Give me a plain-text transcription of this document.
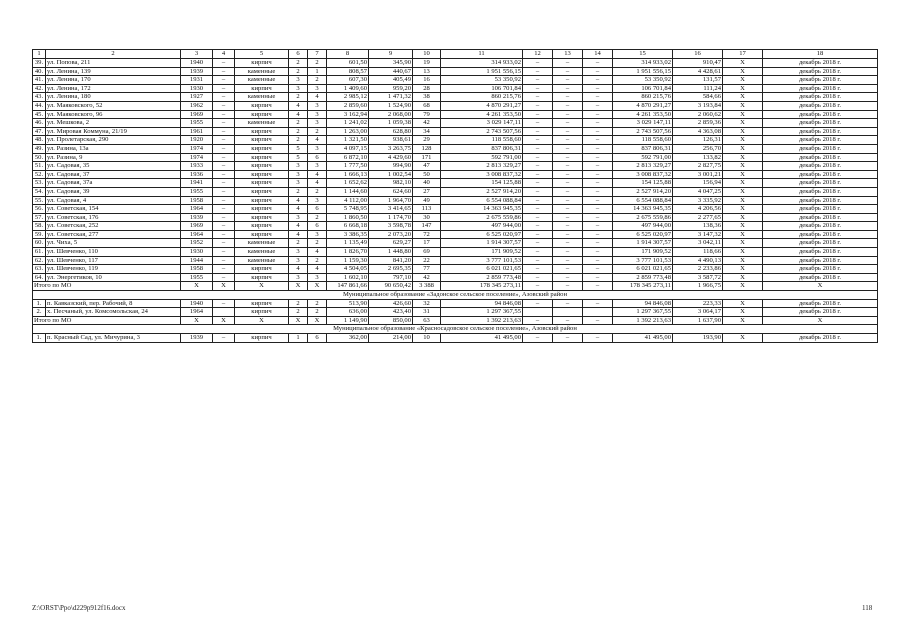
1	2	3	4	5	6	7	8	9	10	11	12	13	14	15	16	17	18
39.	ул. Попова, 211	1940	–	кирпич	2	2	601,50	345,90	19	314 933,02	–	–	–	314 933,02	910,47	Х	декабрь 2018 г.
40.	ул. Ленина, 139	1939	–	каменные	2	1	808,57	440,67	13	1 951 556,15	–	–	–	1 951 556,15	4 428,61	Х	декабрь 2018 г.
41.	ул. Ленина, 170	1931	–	каменные	3	2	607,30	405,49	16	53 350,92	–	–	–	53 350,92	131,57	Х	декабрь 2018 г.
42.	ул. Ленина, 172	1930	–	кирпич	3	3	1 409,60	959,20	28	106 701,84	–	–	–	106 701,84	111,24	Х	декабрь 2018 г.
43.	ул. Ленина, 180	1927	–	каменные	2	4	2 985,12	1 471,32	38	860 215,76	–	–	–	860 215,76	584,66	Х	декабрь 2018 г.
44.	ул. Маяковского, 52	1962	–	кирпич	4	3	2 859,60	1 524,90	68	4 870 291,27	–	–	–	4 870 291,27	3 193,84	Х	декабрь 2018 г.
45.	ул. Маяковского, 96	1969	–	кирпич	4	3	3 162,94	2 068,00	79	4 261 353,50	–	–	–	4 261 353,50	2 060,62	Х	декабрь 2018 г.
46.	ул. Мешкова, 2	1955	–	каменные	2	3	1 241,02	1 059,38	42	3 029 147,11	–	–	–	3 029 147,11	2 859,36	Х	декабрь 2018 г.
47.	ул. Мировая Коммуна, 21/19	1961	–	кирпич	2	2	1 263,00	628,80	34	2 743 507,56	–	–	–	2 743 507,56	4 363,08	Х	декабрь 2018 г.
48.	ул. Пролетарская, 290	1920	–	кирпич	2	4	1 321,50	938,61	29	118 558,60	–	–	–	118 558,60	126,31	Х	декабрь 2018 г.
49.	ул. Разина, 13а	1974	–	кирпич	5	3	4 097,15	3 263,75	128	837 806,31	–	–	–	837 806,31	256,70	Х	декабрь 2018 г.
50.	ул. Разина, 9	1974	–	кирпич	5	6	6 872,10	4 429,60	171	592 791,00	–	–	–	592 791,00	133,82	Х	декабрь 2018 г.
51.	ул. Садовая, 35	1933	–	кирпич	3	3	1 777,50	994,90	47	2 813 329,27	–	–	–	2 813 329,27	2 827,75	Х	декабрь 2018 г.
52.	ул. Садовая, 37	1936	–	кирпич	3	4	1 666,13	1 002,54	50	3 008 837,32	–	–	–	3 008 837,32	3 001,21	Х	декабрь 2018 г.
53.	ул. Садовая, 37а	1941	–	кирпич	3	4	1 652,62	982,10	40	154 125,88	–	–	–	154 125,88	156,94	Х	декабрь 2018 г.
54.	ул. Садовая, 39	1955	–	кирпич	2	2	1 144,60	624,60	27	2 527 914,20	–	–	–	2 527 914,20	4 047,25	Х	декабрь 2018 г.
55.	ул. Садовая, 4	1958	–	кирпич	4	3	4 112,00	1 964,70	49	6 554 088,84	–	–	–	6 554 088,84	3 335,92	Х	декабрь 2018 г.
56.	ул. Советская, 154	1964	–	кирпич	4	6	5 748,95	3 414,65	113	14 363 945,35	–	–	–	14 363 945,35	4 206,56	Х	декабрь 2018 г.
57.	ул. Советская, 176	1939	–	кирпич	3	2	1 860,50	1 174,70	30	2 675 559,86	–	–	–	2 675 559,86	2 277,65	Х	декабрь 2018 г.
58.	ул. Советская, 252	1969	–	кирпич	4	6	6 668,18	3 598,78	147	497 944,00	–	–	–	497 944,00	138,36	Х	декабрь 2018 г.
59.	ул. Советская, 277	1964	–	кирпич	4	3	3 386,35	2 073,20	72	6 525 020,97	–	–	–	6 525 020,97	3 147,32	Х	декабрь 2018 г.
60.	ул. Чиха, 5	1952	–	каменные	2	2	1 135,49	629,27	17	1 914 307,57	–	–	–	1 914 307,57	3 042,11	Х	декабрь 2018 г.
61.	ул. Шевченко, 110	1930	–	каменные	3	4	1 826,70	1 448,80	69	171 909,52	–	–	–	171 909,52	118,66	Х	декабрь 2018 г.
62.	ул. Шевченко, 117	1944	–	каменные	3	2	1 159,30	841,20	22	3 777 101,53	–	–	–	3 777 101,53	4 490,13	Х	декабрь 2018 г.
63.	ул. Шевченко, 119	1958	–	кирпич	4	4	4 504,05	2 695,35	77	6 021 021,65	–	–	–	6 021 021,65	2 233,86	Х	декабрь 2018 г.
64.	ул. Энергетиков, 10	1955	–	кирпич	3	3	1 602,10	797,10	42	2 859 773,48	–	–	–	2 859 773,48	3 587,72	Х	декабрь 2018 г.
Итого по МО		Х	Х	Х	Х	Х	147 861,66	90 650,42	3 388	178 345 273,11	–	–	–	178 345 273,11	1 966,75	Х	Х
Муниципальное образование «Задонское сельское поселение», Азовский район																	
1.	п. Кавказский, пер. Рабочий, 8	1940	–	кирпич	2	2	513,90	426,60	32	94 846,08	–	–	–	94 846,08	223,33	Х	декабрь 2018 г.
2.	х. Песчаный, ул. Комсомольская, 24	1964		кирпич	2	2	636,00	423,40	31	1 297 367,55				1 297 367,55	3 064,17	Х	декабрь 2018 г.
Итого по МО		Х	Х	Х	Х	Х	1 149,90	850,00	63	1 392 213,63	–	–	–	1 392 213,63	1 637,90	Х	Х
Муниципальное образование «Красносадовское сельское поселение», Азовский район																	
1.	п. Красный Сад, ул. Мичурина, 3	1939	–	кирпич	1	6	362,00	214,00	10	41 495,00	–	–	–	41 495,00	193,90	Х	декабрь 2018 г.
Z:\ORST\Ppo\d229p912f16.docx	118
